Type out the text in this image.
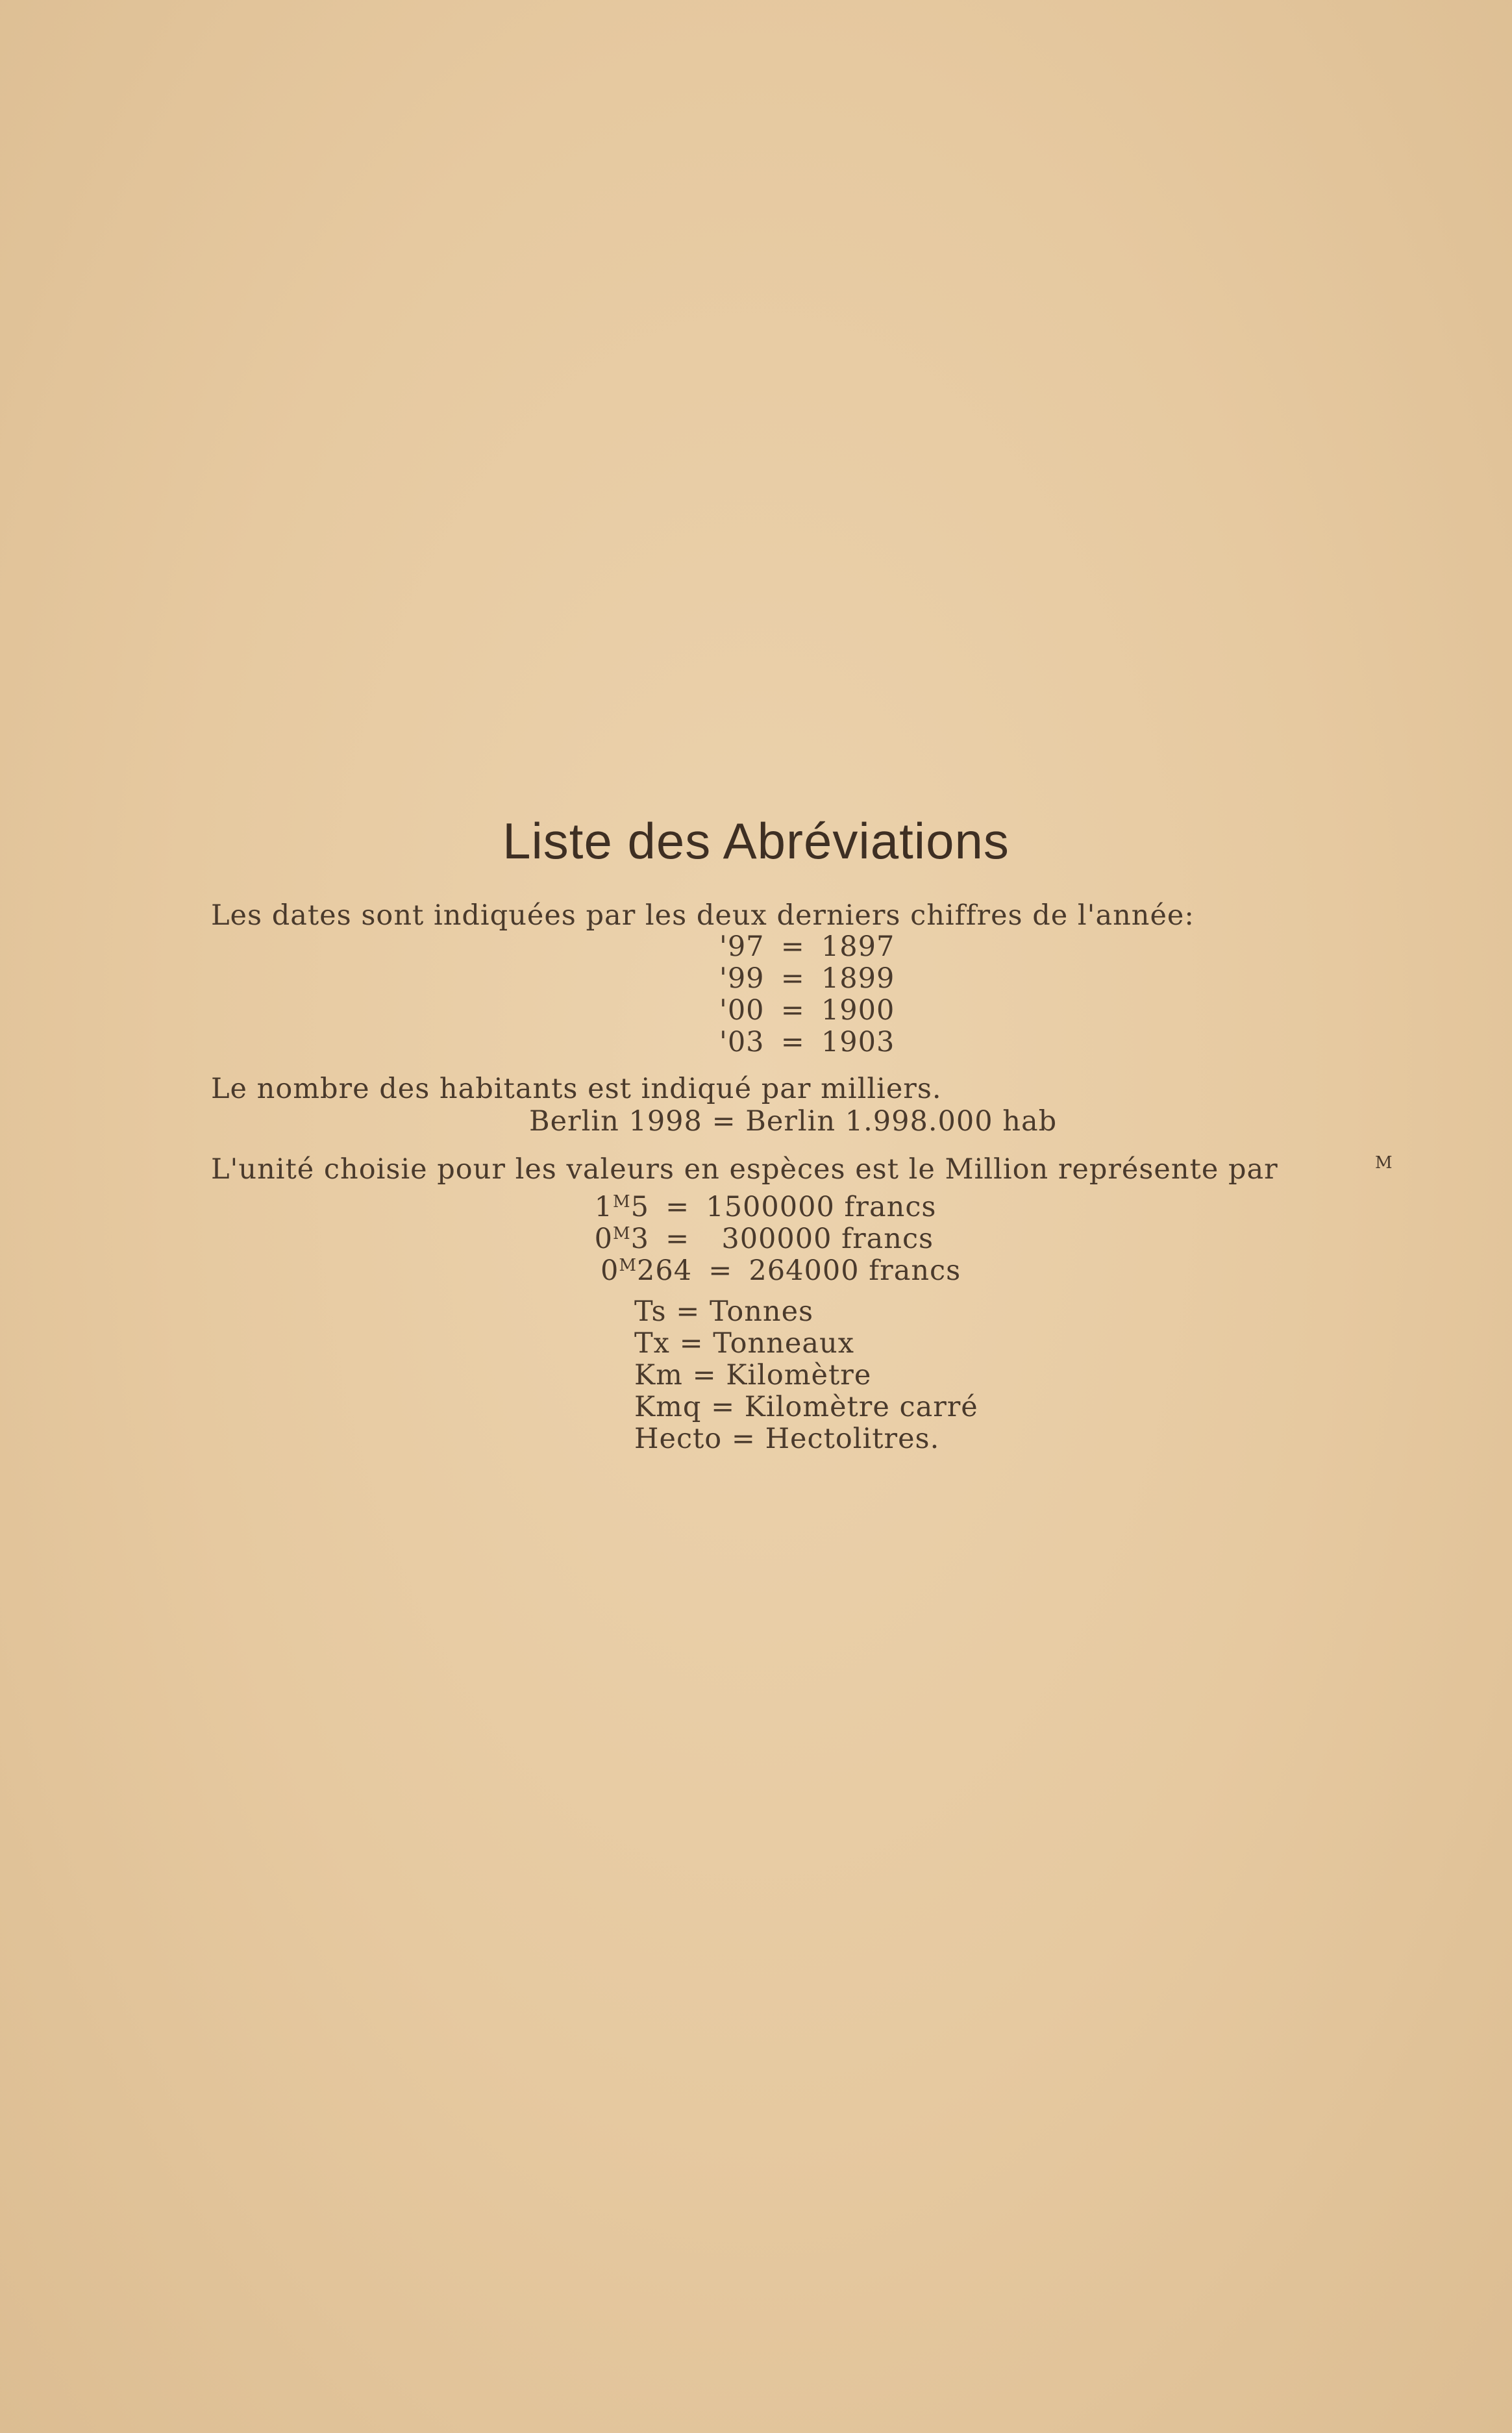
Liste des Abréviations
Les dates sont indiquées par les deux derniers chiffres de l'année:
'97 = 1897
'99 = 1899
'00 = 1900
'03 = 1903
Le nombre des habitants est indiqué par milliers.
Berlin 1998 = Berlin 1.998.000 hab
L'unité choisie pour les valeurs en espèces est le Million représente par	M
$1^M5 = 1500000$ francs
$0^M3 = 300000$ francs
$0^M264 = 264000$ francs
Ts = Tonnes
Tx = Tonneaux
Km = Kilomètre
Kmq = Kilomètre carré
Hecto = Hectolitres.
